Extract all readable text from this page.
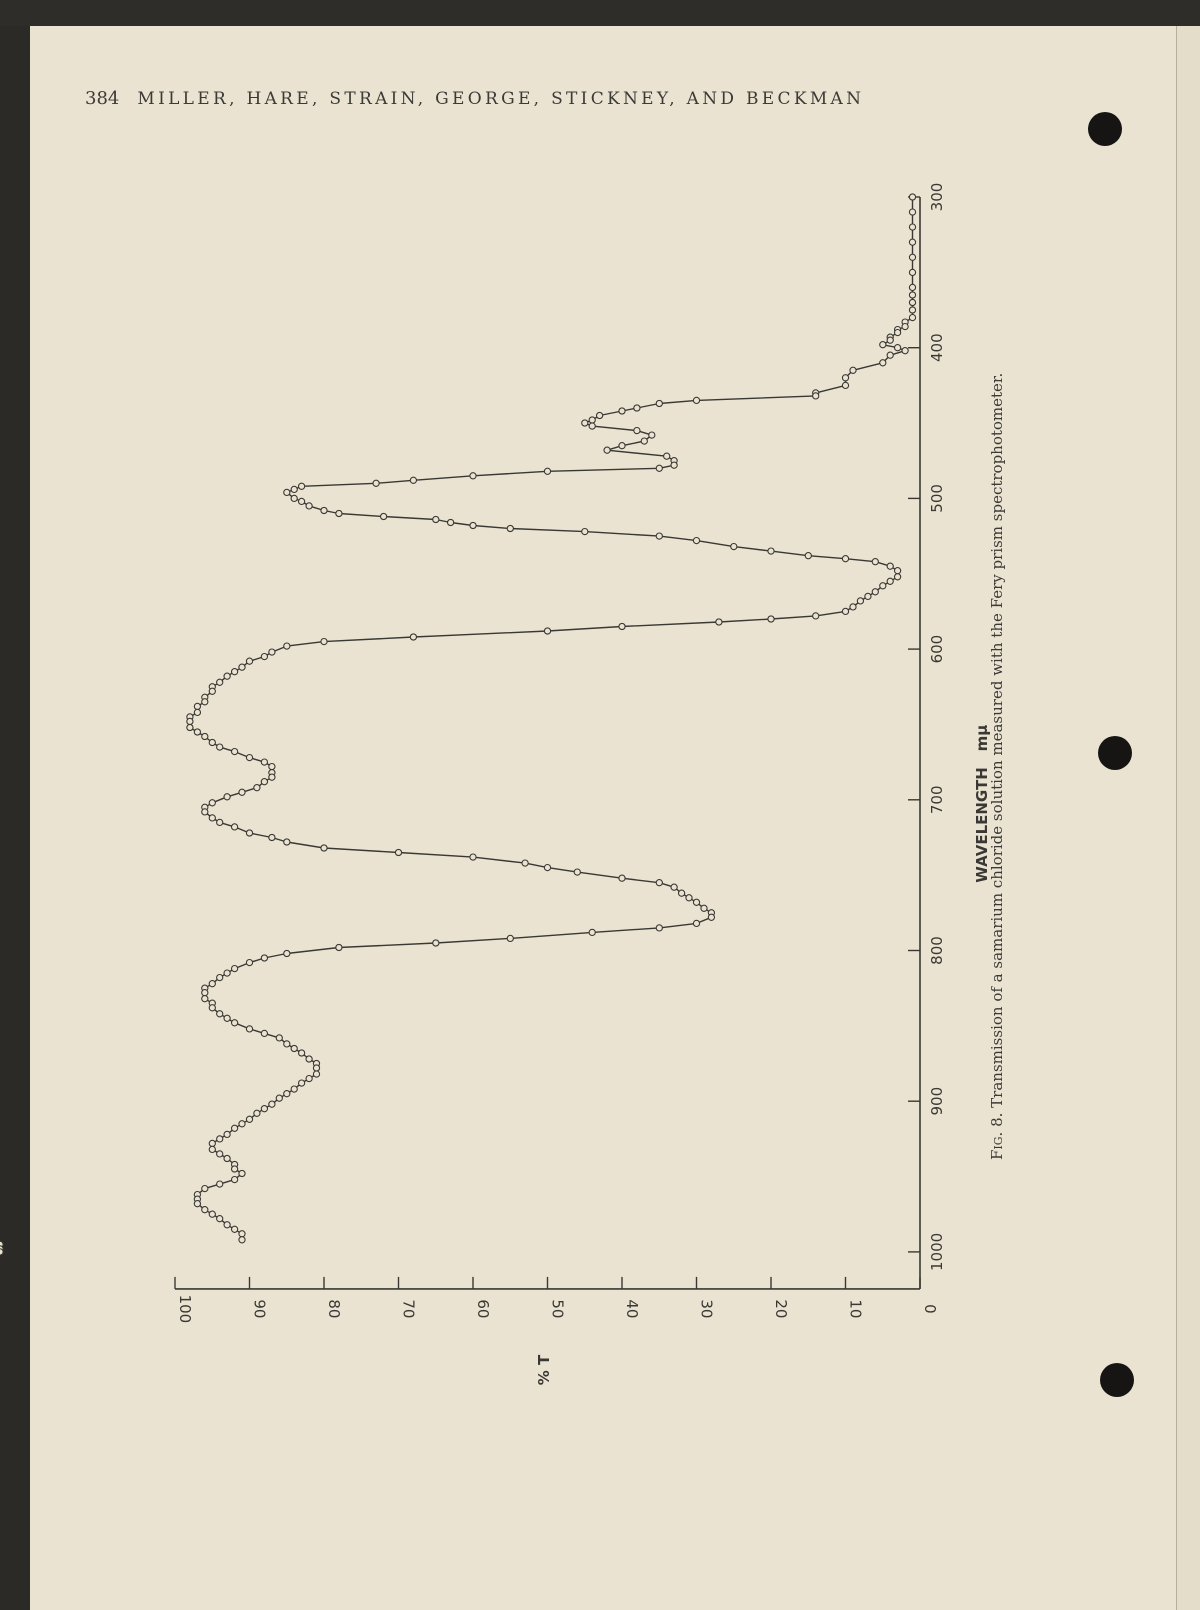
384 MILLER, HARE, STRAIN, GEORGE, STICKNEY, AND BECKMAN
300
400
500
600
700
800
900
1000
0
10
20
30
40
50
60
70
80
90
100
WAVELENGTH
mμ
% T
Fig. 8. Transmission of a samarium chloride solution measured with the Fery prism spectrophotometer.
